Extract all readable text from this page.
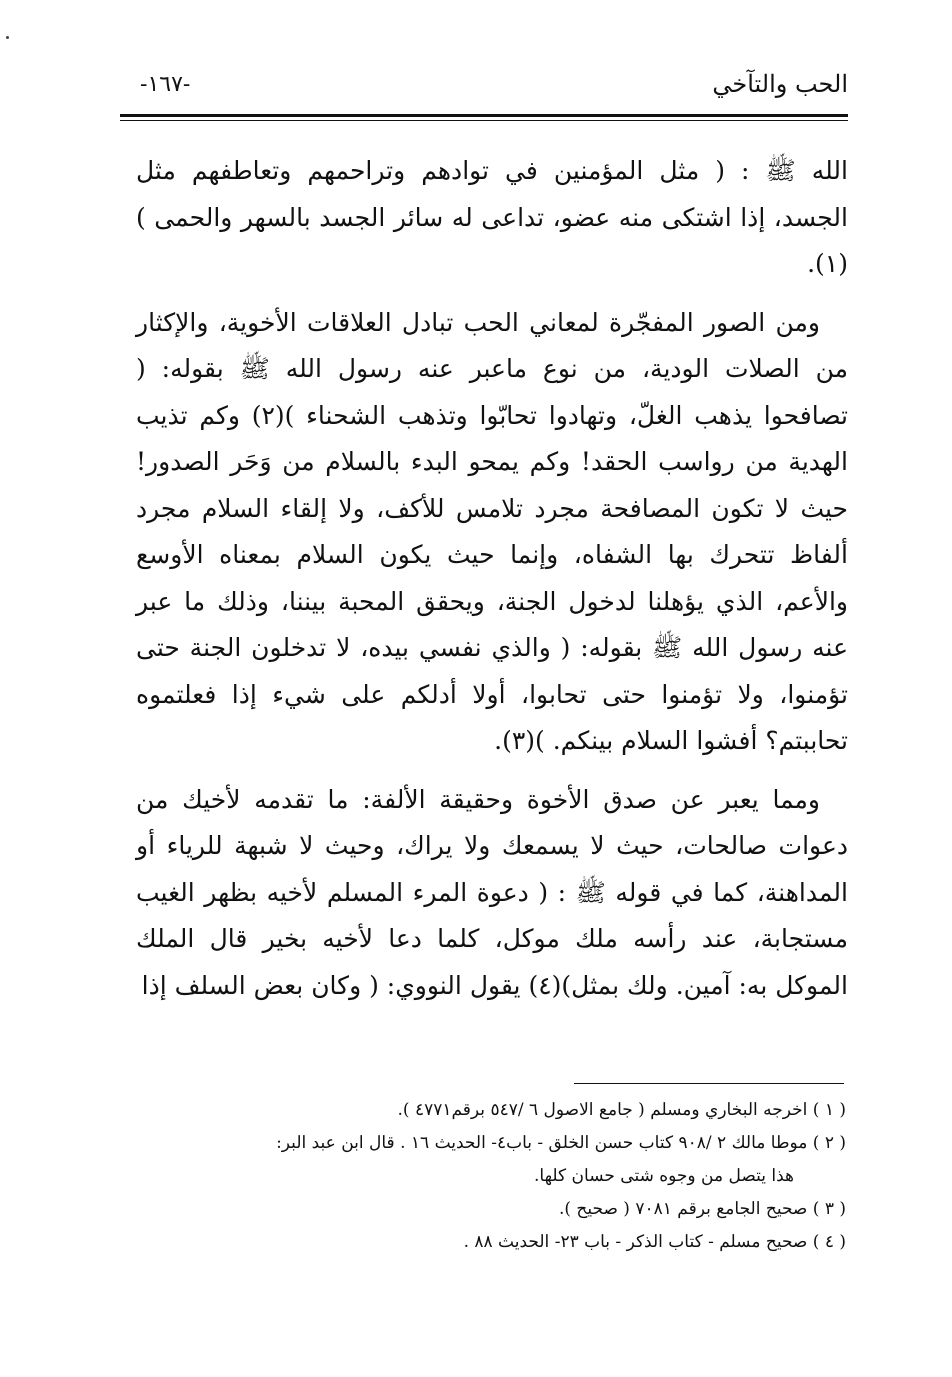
الحب والتآخي
-١٦٧-

الله ﷺ : ( مثل المؤمنين في توادهم وتراحمهم وتعاطفهم مثل الجسد، إذا اشتكى منه عضو، تداعى له سائر الجسد بالسهر والحمى )(١).

ومن الصور المفجّرة لمعاني الحب تبادل العلاقات الأخوية، والإكثار من الصلات الودية، من نوع ماعبر عنه رسول الله ﷺ بقوله: ( تصافحوا يذهب الغلّ، وتهادوا تحابّوا وتذهب الشحناء )(٢) وكم تذيب الهدية من رواسب الحقد! وكم يمحو البدء بالسلام من وَحَر الصدور! حيث لا تكون المصافحة مجرد تلامس للأكف، ولا إلقاء السلام مجرد ألفاظ تتحرك بها الشفاه، وإنما حيث يكون السلام بمعناه الأوسع والأعم، الذي يؤهلنا لدخول الجنة، ويحقق المحبة بيننا، وذلك ما عبر عنه رسول الله ﷺ بقوله: ( والذي نفسي بيده، لا تدخلون الجنة حتى تؤمنوا، ولا تؤمنوا حتى تحابوا، أولا أدلكم على شيء إذا فعلتموه تحاببتم؟ أفشوا السلام بينكم. )(٣).

ومما يعبر عن صدق الأخوة وحقيقة الألفة: ما تقدمه لأخيك من دعوات صالحات، حيث لا يسمعك ولا يراك، وحيث لا شبهة للرياء أو المداهنة، كما في قوله ﷺ : ( دعوة المرء المسلم لأخيه بظهر الغيب مستجابة، عند رأسه ملك موكل، كلما دعا لأخيه بخير قال الملك الموكل به: آمين. ولك بمثل)(٤) يقول النووي: ( وكان بعض السلف إذا

( ١ ) اخرجه البخاري ومسلم ( جامع الاصول ٦ /٥٤٧ برقم٤٧٧١ ).

( ٢ ) موطا مالك ٢ /٩٠٨ كتاب حسن الخلق - باب٤- الحديث ١٦ . قال ابن عبد البر:

هذا يتصل من وجوه شتى حسان كلها.

( ٣ ) صحيح الجامع برقم ٧٠٨١ ( صحيح ).

( ٤ ) صحيح مسلم - كتاب الذكر - باب ٢٣- الحديث ٨٨ .
